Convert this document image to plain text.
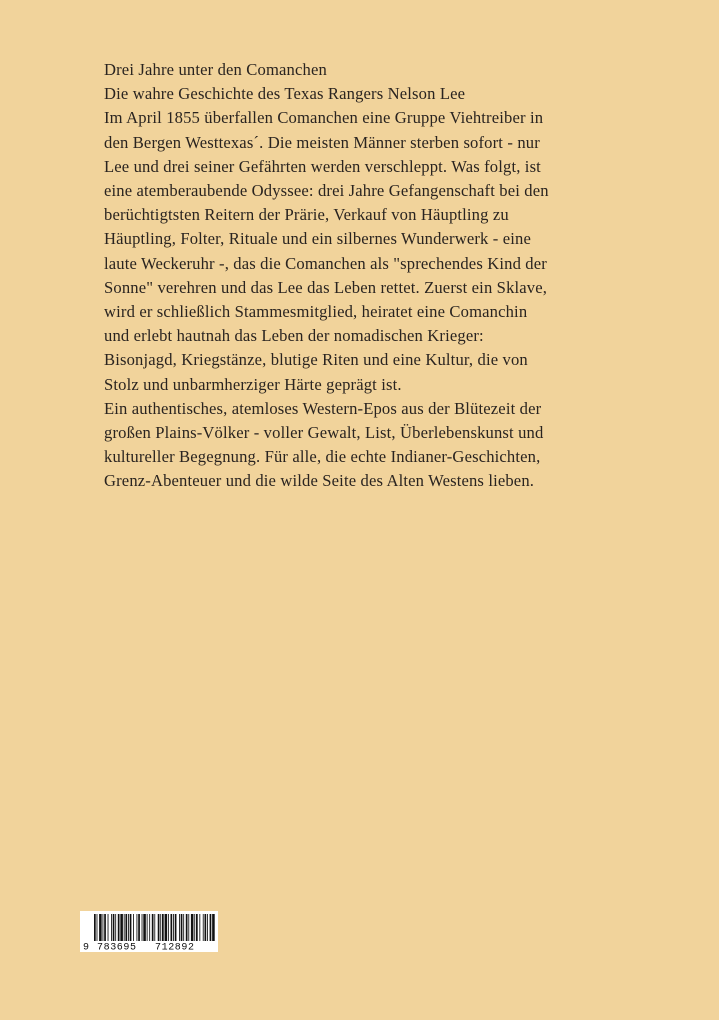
Drei Jahre unter den Comanchen
Die wahre Geschichte des Texas Rangers Nelson Lee
Im April 1855 überfallen Comanchen eine Gruppe Viehtreiber in
den Bergen Westtexas´. Die meisten Männer sterben sofort - nur
Lee und drei seiner Gefährten werden verschleppt. Was folgt, ist
eine atemberaubende Odyssee: drei Jahre Gefangenschaft bei den
berüchtigtsten Reitern der Prärie, Verkauf von Häuptling zu
Häuptling, Folter, Rituale und ein silbernes Wunderwerk - eine
laute Weckeruhr -, das die Comanchen als "sprechendes Kind der
Sonne" verehren und das Lee das Leben rettet. Zuerst ein Sklave,
wird er schließlich Stammesmitglied, heiratet eine Comanchin
und erlebt hautnah das Leben der nomadischen Krieger:
Bisonjagd, Kriegstänze, blutige Riten und eine Kultur, die von
Stolz und unbarmherziger Härte geprägt ist.
Ein authentisches, atemloses Western-Epos aus der Blütezeit der
großen Plains-Völker - voller Gewalt, List, Überlebenskunst und
kultureller Begegnung. Für alle, die echte Indianer-Geschichten,
Grenz-Abenteuer und die wilde Seite des Alten Westens lieben.
9 783695 712892
